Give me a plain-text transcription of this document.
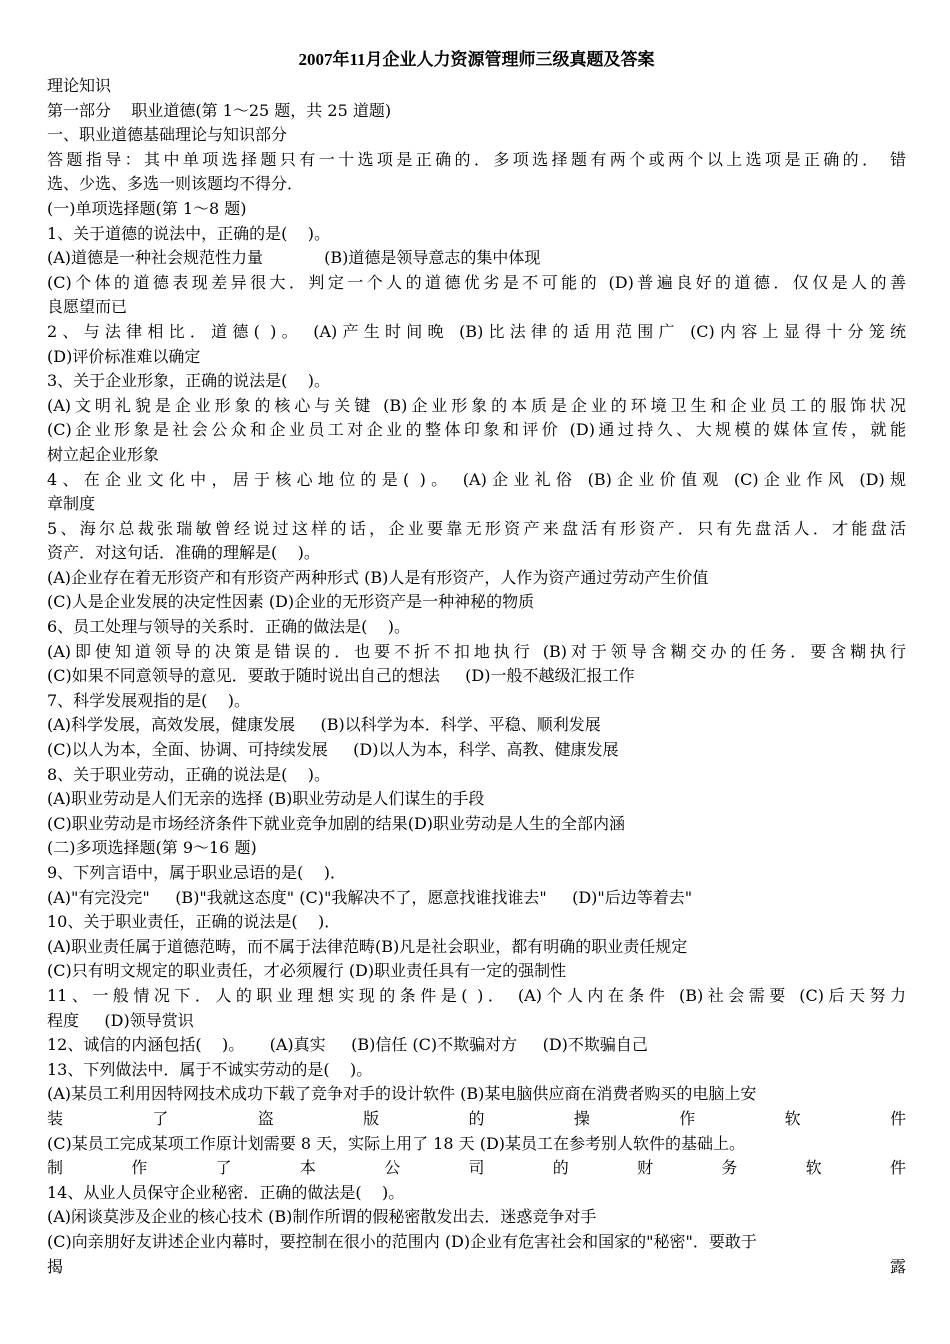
2007年11月企业人力资源管理师三级真题及答案
理论知识
第一部分    职业道德(第 1～25 题，共 25 道题)
一、职业道德基础理论与知识部分
答题指导：其中单项选择题只有一十选项是正确的．多项选择题有两个或两个以上选项是正确的． 错
选、少选、多选一则该题均不得分．
(一)单项选择题(第 1～8 题)
1、关于道德的说法中，正确的是(    )。
(A)道德是一种社会规范性力量            (B)道德是领导意志的集中体现
(C)个体的道德表现差异很大．判定一个人的道德优劣是不可能的 (D)普遍良好的道德．仅仅是人的善
良愿望而已
2、与法律相比．道德( )。 (A)产生时间晚 (B)比法律的适用范围广 (C)内容上显得十分笼统
(D)评价标准难以确定
3、关于企业形象，正确的说法是(    )。
(A)文明礼貌是企业形象的核心与关键 (B)企业形象的本质是企业的环境卫生和企业员工的服饰状况
(C)企业形象是社会公众和企业员工对企业的整体印象和评价 (D)通过持久、大规模的媒体宣传，就能
树立起企业形象
4、在企业文化中，居于核心地位的是( )。 (A)企业礼俗 (B)企业价值观 (C)企业作风 (D)规
章制度
5、海尔总裁张瑞敏曾经说过这样的话，企业要靠无形资产来盘活有形资产．只有先盘活人．才能盘活
资产．对这句话．准确的理解是(    )。
(A)企业存在着无形资产和有形资产两种形式 (B)人是有形资产，人作为资产通过劳动产生价值
(C)人是企业发展的决定性因素 (D)企业的无形资产是一种神秘的物质
6、员工处理与领导的关系时．正确的做法是(    )。
(A)即使知道领导的决策是错误的．也要不折不扣地执行 (B)对于领导含糊交办的任务．要含糊执行
(C)如果不同意领导的意见．要敢于随时说出自己的想法     (D)一般不越级汇报工作
7、科学发展观指的是(    )。
(A)科学发展，高效发展，健康发展     (B)以科学为本．科学、平稳、顺利发展
(C)以人为本，全面、协调、可持续发展     (D)以人为本，科学、高教、健康发展
8、关于职业劳动，正确的说法是(    )。
(A)职业劳动是人们无亲的选择 (B)职业劳动是人们谋生的手段
(C)职业劳动是市场经济条件下就业竞争加剧的结果(D)职业劳动是人生的全部内涵
(二)多项选择题(第 9～16 题)
9、下列言语中，属于职业忌语的是(    )．
(A)"有完没完"     (B)"我就这态度" (C)"我解决不了，愿意找谁找谁去"     (D)"后边等着去"
10、关于职业责任，正确的说法是(    )．
(A)职业责任属于道德范畴，而不属于法律范畴(B)凡是社会职业，都有明确的职业责任规定
(C)只有明文规定的职业责任，才必须履行 (D)职业责任具有一定的强制性
11、一般情况下．人的职业理想实现的条件是( )． (A)个人内在条件 (B)社会需要 (C)后天努力
程度     (D)领导赏识
12、诚信的内涵包括(    )。     (A)真实     (B)信任 (C)不欺骗对方     (D)不欺骗自己
13、下列做法中．属于不诚实劳动的是(    )。
(A)某员工利用因特网技术成功下载了竞争对手的设计软件 (B)某电脑供应商在消费者购买的电脑上安
装了盗版的操作软件
(C)某员工完成某项工作原计划需要 8 天，实际上用了 18 天 (D)某员工在参考别人软件的基础上。
制作了本公司的财务软件
14、从业人员保守企业秘密．正确的做法是(    )。
(A)闲谈莫涉及企业的核心技术 (B)制作所谓的假秘密散发出去．迷惑竞争对手
(C)向亲朋好友讲述企业内幕时，要控制在很小的范围内 (D)企业有危害社会和国家的"秘密"．要敢于
揭露
